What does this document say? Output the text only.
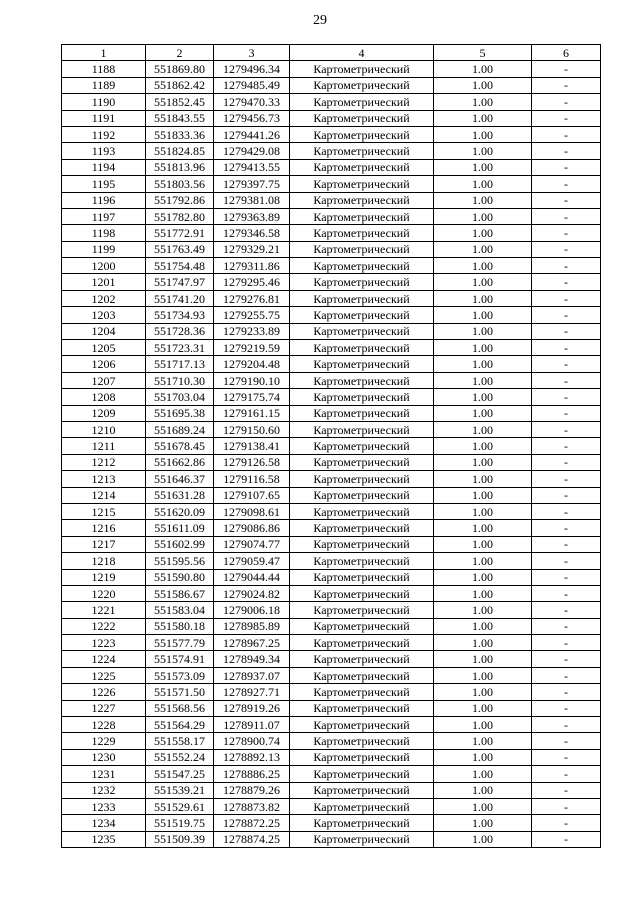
29
1	2	3	4	5	6
1188	551869.80	1279496.34	Картометрический	1.00	-
1189	551862.42	1279485.49	Картометрический	1.00	-
1190	551852.45	1279470.33	Картометрический	1.00	-
1191	551843.55	1279456.73	Картометрический	1.00	-
1192	551833.36	1279441.26	Картометрический	1.00	-
1193	551824.85	1279429.08	Картометрический	1.00	-
1194	551813.96	1279413.55	Картометрический	1.00	-
1195	551803.56	1279397.75	Картометрический	1.00	-
1196	551792.86	1279381.08	Картометрический	1.00	-
1197	551782.80	1279363.89	Картометрический	1.00	-
1198	551772.91	1279346.58	Картометрический	1.00	-
1199	551763.49	1279329.21	Картометрический	1.00	-
1200	551754.48	1279311.86	Картометрический	1.00	-
1201	551747.97	1279295.46	Картометрический	1.00	-
1202	551741.20	1279276.81	Картометрический	1.00	-
1203	551734.93	1279255.75	Картометрический	1.00	-
1204	551728.36	1279233.89	Картометрический	1.00	-
1205	551723.31	1279219.59	Картометрический	1.00	-
1206	551717.13	1279204.48	Картометрический	1.00	-
1207	551710.30	1279190.10	Картометрический	1.00	-
1208	551703.04	1279175.74	Картометрический	1.00	-
1209	551695.38	1279161.15	Картометрический	1.00	-
1210	551689.24	1279150.60	Картометрический	1.00	-
1211	551678.45	1279138.41	Картометрический	1.00	-
1212	551662.86	1279126.58	Картометрический	1.00	-
1213	551646.37	1279116.58	Картометрический	1.00	-
1214	551631.28	1279107.65	Картометрический	1.00	-
1215	551620.09	1279098.61	Картометрический	1.00	-
1216	551611.09	1279086.86	Картометрический	1.00	-
1217	551602.99	1279074.77	Картометрический	1.00	-
1218	551595.56	1279059.47	Картометрический	1.00	-
1219	551590.80	1279044.44	Картометрический	1.00	-
1220	551586.67	1279024.82	Картометрический	1.00	-
1221	551583.04	1279006.18	Картометрический	1.00	-
1222	551580.18	1278985.89	Картометрический	1.00	-
1223	551577.79	1278967.25	Картометрический	1.00	-
1224	551574.91	1278949.34	Картометрический	1.00	-
1225	551573.09	1278937.07	Картометрический	1.00	-
1226	551571.50	1278927.71	Картометрический	1.00	-
1227	551568.56	1278919.26	Картометрический	1.00	-
1228	551564.29	1278911.07	Картометрический	1.00	-
1229	551558.17	1278900.74	Картометрический	1.00	-
1230	551552.24	1278892.13	Картометрический	1.00	-
1231	551547.25	1278886.25	Картометрический	1.00	-
1232	551539.21	1278879.26	Картометрический	1.00	-
1233	551529.61	1278873.82	Картометрический	1.00	-
1234	551519.75	1278872.25	Картометрический	1.00	-
1235	551509.39	1278874.25	Картометрический	1.00	-
